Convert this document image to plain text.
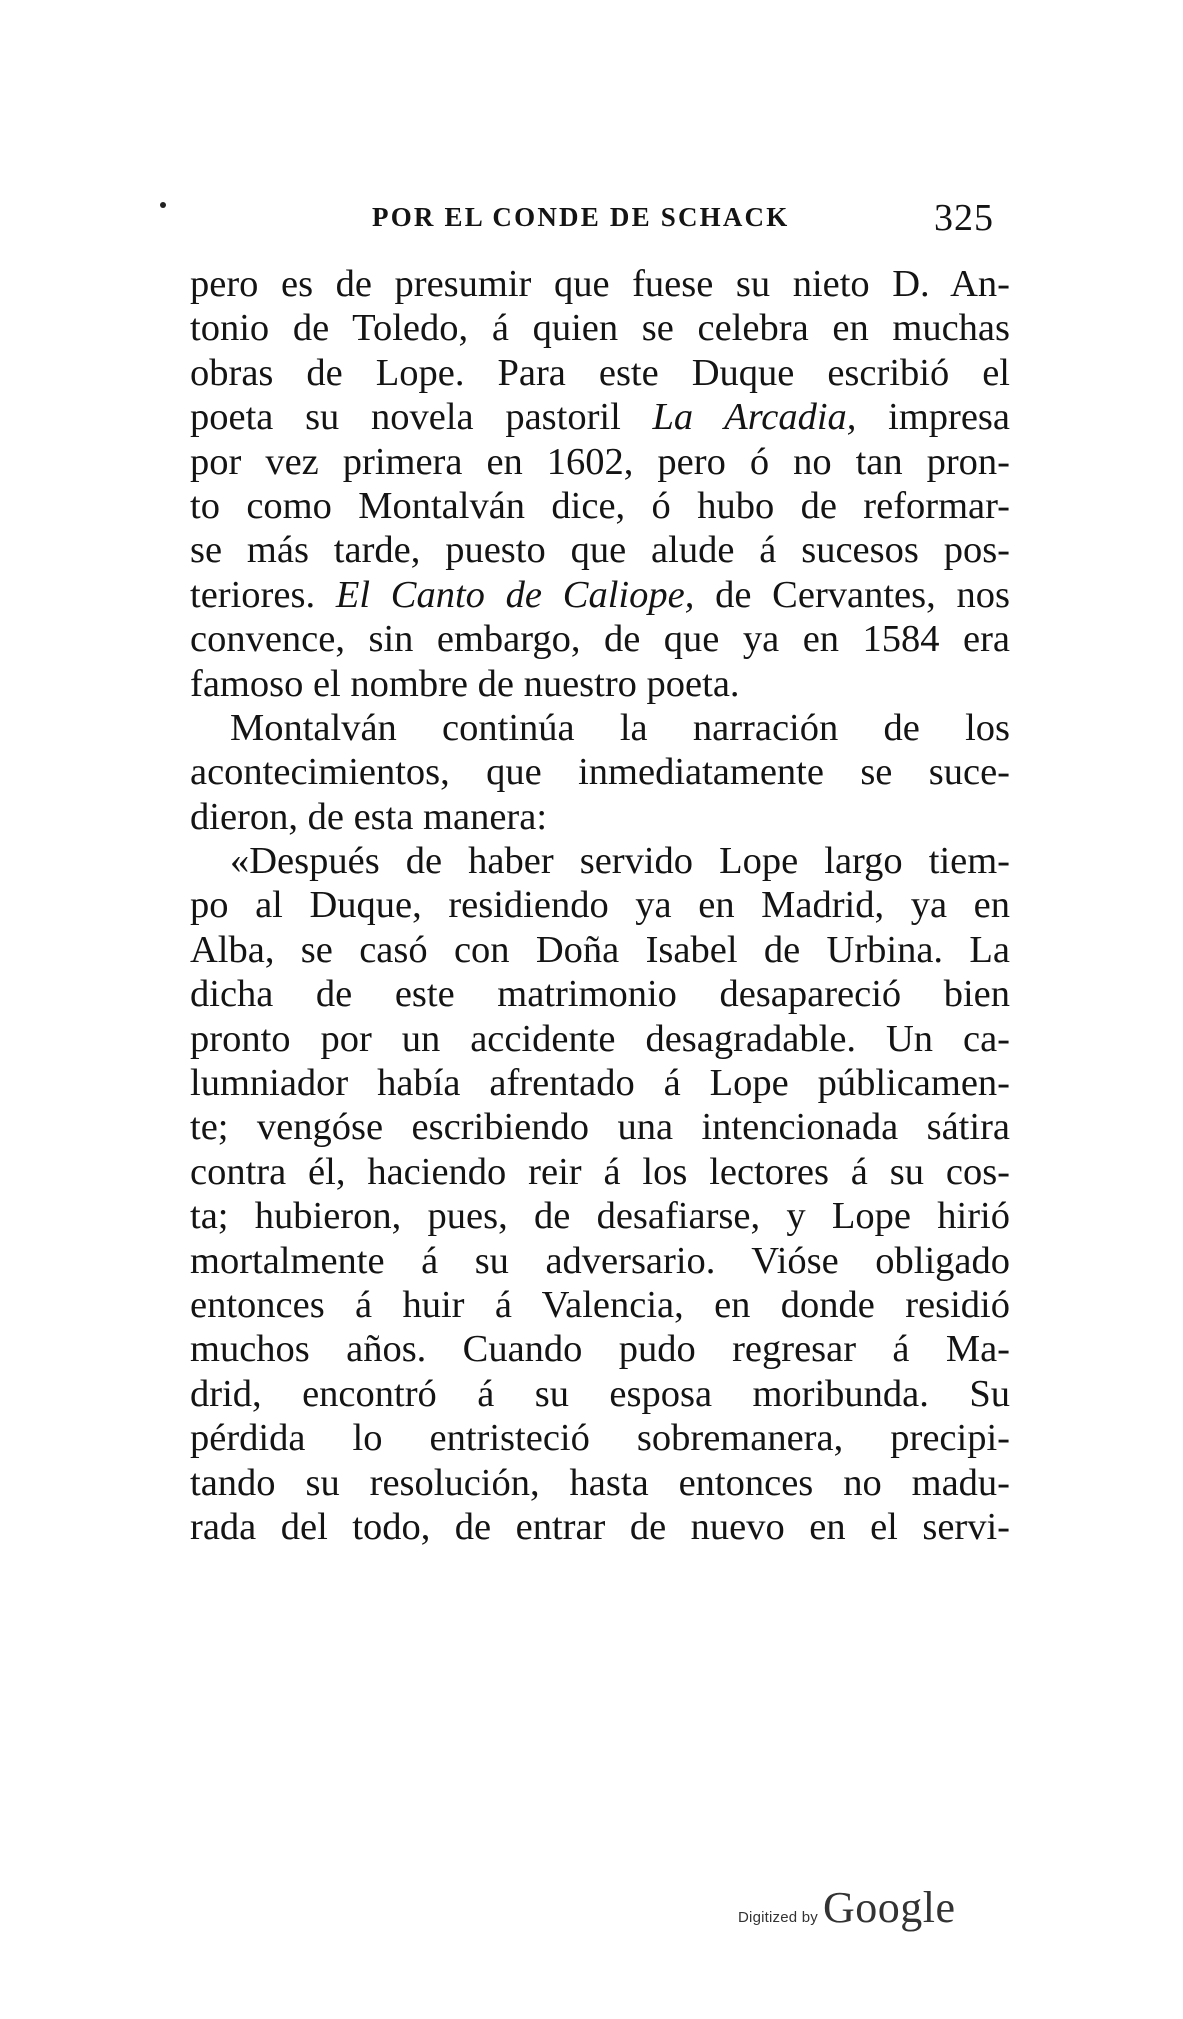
POR EL CONDE DE SCHACK	325
pero es de presumir que fuese su nieto D. An-
tonio de Toledo, á quien se celebra en muchas
obras de Lope. Para este Duque escribió el
poeta su novela pastoril La Arcadia, impresa
por vez primera en 1602, pero ó no tan pron-
to como Montalván dice, ó hubo de reformar-
se más tarde, puesto que alude á sucesos pos-
teriores. El Canto de Caliope, de Cervantes, nos
convence, sin embargo, de que ya en 1584 era
famoso el nombre de nuestro poeta.
Montalván continúa la narración de los
acontecimientos, que inmediatamente se suce-
dieron, de esta manera:
«Después de haber servido Lope largo tiem-
po al Duque, residiendo ya en Madrid, ya en
Alba, se casó con Doña Isabel de Urbina. La
dicha de este matrimonio desapareció bien
pronto por un accidente desagradable. Un ca-
lumniador había afrentado á Lope públicamen-
te; vengóse escribiendo una intencionada sátira
contra él, haciendo reir á los lectores á su cos-
ta; hubieron, pues, de desafiarse, y Lope hirió
mortalmente á su adversario. Vióse obligado
entonces á huir á Valencia, en donde residió
muchos años. Cuando pudo regresar á Ma-
drid, encontró á su esposa moribunda. Su
pérdida lo entristeció sobremanera, precipi-
tando su resolución, hasta entonces no madu-
rada del todo, de entrar de nuevo en el servi-
Digitized by Google
